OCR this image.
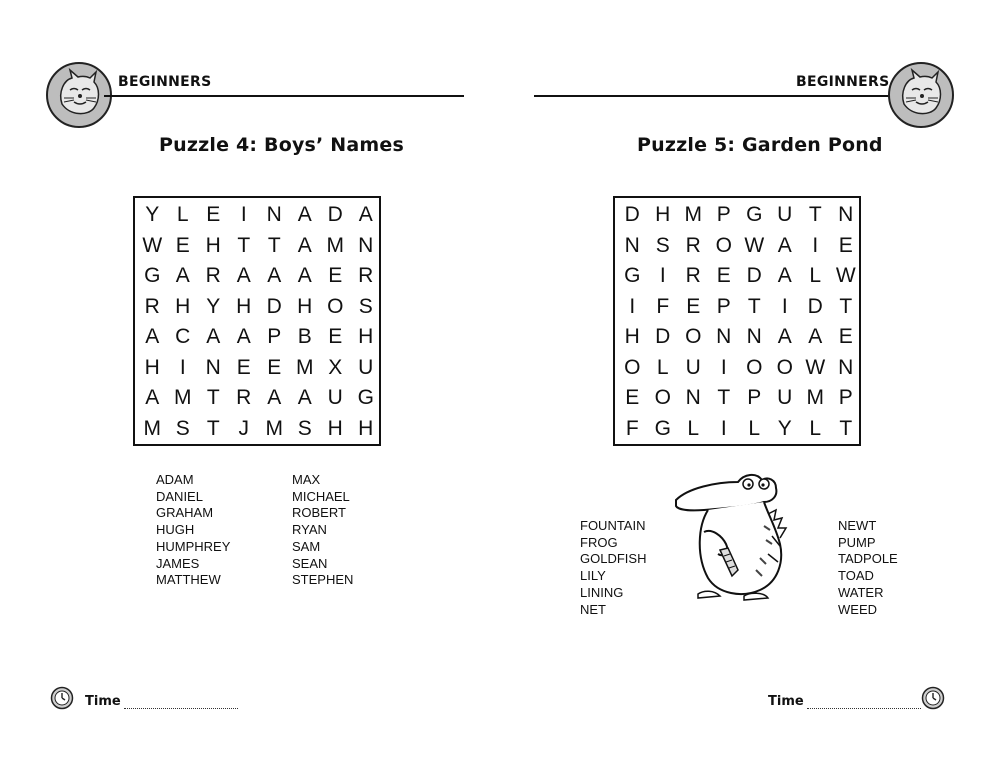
BEGINNERS
Puzzle 4: Boys’ Names
Y L E I N A D A
W E H T T A M N
G A R A A A E R
R H Y H D H O S
A C A A P B E H
H I N E E M X U
A M T R A A U G
M S T J M S H H
ADAM
DANIEL
GRAHAM
HUGH
HUMPHREY
JAMES
MATTHEW
MAX
MICHAEL
ROBERT
RYAN
SAM
SEAN
STEPHEN
Time
BEGINNERS
Puzzle 5: Garden Pond
D H M P G U T N
N S R O W A I E
G I R E D A L W
I	F E P T	I D T
H D O N N A A E
O L U I O O W N
E O N T P U M P
F G L	I	L Y L T
FOUNTAIN
FROG
GOLDFISH
LILY
LINING
NET
NEWT
PUMP
TADPOLE
TOAD
WATER
WEED
Time
